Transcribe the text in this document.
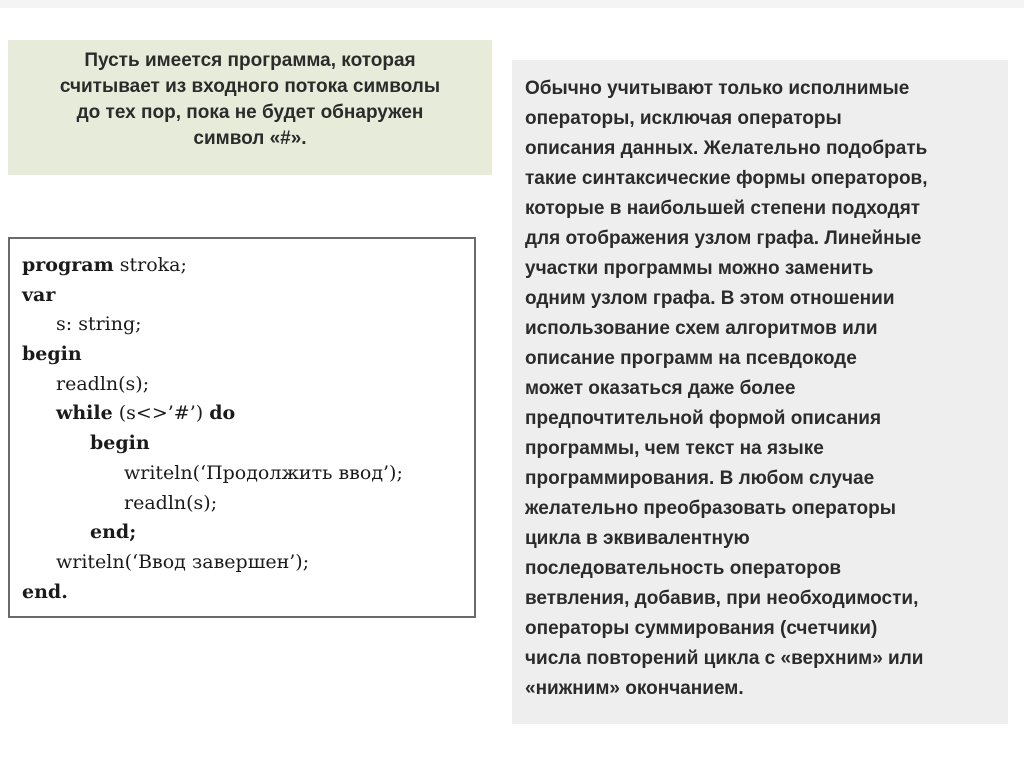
Пусть имеется программа, которая
считывает из входного потока символы
до тех пор, пока не будет обнаружен
символ «#».
program stroka;
var
s: string;
begin
readln(s);
while (s<>’#’) do
begin
writeln(‘Продолжить ввод’);
readln(s);
end;
writeln(‘Ввод завершен’);
end.
Обычно учитывают только исполнимые
операторы, исключая операторы
описания данных. Желательно подобрать
такие синтаксические формы операторов,
которые в наибольшей степени подходят
для отображения узлом графа. Линейные
участки программы можно заменить
одним узлом графа. В этом отношении
использование схем алгоритмов или
описание программ на псевдокоде
может оказаться даже более
предпочтительной формой описания
программы, чем текст на языке
программирования. В любом случае
желательно преобразовать операторы
цикла в эквивалентную
последовательность операторов
ветвления, добавив, при необходимости,
операторы суммирования (счетчики)
числа повторений цикла с «верхним» или
«нижним» окончанием.
